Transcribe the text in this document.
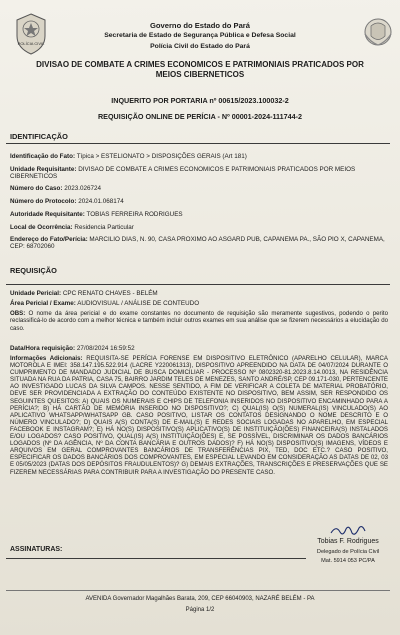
POLÍCIA CIVIL
Governo do Estado do Pará
Secretaria de Estado de Segurança Pública e Defesa Social
Polícia Civil do Estado do Pará
DIVISAO DE COMBATE A CRIMES ECONOMICOS E PATRIMONIAIS PRATICADOS POR MEIOS CIBERNETICOS
INQUERITO POR PORTARIA nº 00615/2023.100032-2
REQUISIÇÃO ONLINE DE PERÍCIA - Nº 00001-2024-111744-2
IDENTIFICAÇÃO
Identificação do Fato: Típica > ESTELIONATO > DISPOSIÇÕES GERAIS (Art 181)
Unidade Requisitante: DIVISAO DE COMBATE A CRIMES ECONOMICOS E PATRIMONIAIS PRATICADOS POR MEIOS CIBERNETICOS
Número do Caso: 2023.026724
Número do Protocolo: 2024.01.068174
Autoridade Requisitante: TOBIAS FERREIRA RODRIGUES
Local de Ocorrência: Residencia Particular
Endereço do Fato/Perícia: MARCILIO DIAS, N. 90, CASA PROXIMO AO ASGARD PUB, CAPANEMA PA., SÃO PIO X, CAPANEMA, CEP: 68702060
REQUISIÇÃO
Unidade Pericial: CPC RENATO CHAVES - BELÉM
Área Pericial / Exame: AUDIOVISUAL / ANÁLISE DE CONTEUDO
OBS: O nome da área pericial e do exame constantes no documento de requisição são meramente sugestivos, podendo o perito reclassificá-lo de acordo com a melhor técnica e também incluir outros exames em sua análise que se fizerem necessários a elucidação do caso.
Data/Hora requisição: 27/08/2024 16:59:52
Informações Adicionais: REQUISITA-SE PERÍCIA FORENSE EM DISPOSITIVO ELETRÔNICO (APARELHO CELULAR), MARCA MOTOROLA E IMEI: 358.147.195.522.914 (LACRE Y220061313), DISPOSITIVO APREENDIDO NA DATA DE 04/07/2024 DURANTE O CUMPRIMENTO DE MANDADO JUDICIAL DE BUSCA DOMICILIAR - PROCESSO Nº 0802320-81.2023.8.14.0013, NA RESIDÊNCIA SITUADA NA RUA DA PATRIA, CASA 75, BAIRRO JARDIM TELES DE MENEZES, SANTO ANDRÉ/SP, CEP 09.171-030, PERTENCENTE AO INVESTIGADO LUCAS DA SILVA CAMPOS. NESSE SENTIDO, A FIM DE VERIFICAR A COLETA DE MATERIAL PROBATÓRIO, DEVE SER PROVIDENCIADA A EXTRAÇÃO DO CONTEÚDO EXISTENTE NO DISPOSITIVO, BEM ASSIM, SER RESPONDIDO OS SEGUINTES QUESITOS: A) QUAIS OS NUMERAIS E CHIPS DE TELEFONIA INSERIDOS NO DISPOSITIVO ENCAMINHADO PARA A PERÍCIA?; B) HÁ CARTÃO DE MEMÓRIA INSERIDO NO DISPOSITIVO?; C) QUAL(IS) O(S) NUMERAL(IS) VINCULADO(S) AO APLICATIVO WHATSAPP/WHATSAPP GB. CASO POSITIVO, LISTAR OS CONTATOS DESIGNANDO O NOME DESCRITO E O NÚMERO VINCULADO?; D) QUAIS A(S) CONTA(S) DE E-MAIL(S) E REDES SOCIAIS LOGADAS NO APARELHO, EM ESPECIAL FACEBOOK E INSTAGRAM?; E) HÁ NO(S) DISPOSITIVO(S) APLICATIVO(S) DE INSTITUIÇÃO(ÕES) FINANCEIRA(S) INSTALADOS E/OU LOGADOS? CASO POSITIVO, QUAL(IS) A(S) INSTITUIÇÃO(ÕES) E, SE POSSÍVEL, DISCRIMINAR OS DADOS BANCÁRIOS LOGADOS (Nº DA AGÊNCIA, Nº DA CONTA BANCÁRIA E OUTROS DADOS)? F) HÁ NO(S) DISPOSITIVO(S) IMAGENS, VÍDEOS E ARQUIVOS EM GERAL COMPROVANTES BANCÁRIOS DE TRANSFERÊNCIAS PIX, TED, DOC ETC.? CASO POSITIVO, ESPECIFICAR OS DADOS BANCÁRIOS DOS COMPROVANTES, EM ESPECIAL LEVANDO EM CONSIDERAÇÃO AS DATAS DE 02, 03 E 05/05/2023 (DATAS DOS DEPÓSITOS FRAUDULENTOS)? G) DEMAIS EXTRAÇÕES, TRANSCRIÇÕES E PRESERVAÇÕES QUE SE FIZEREM NECESSÁRIAS PARA CONTRIBUIR PARA A INVESTIGAÇÃO DO PRESENTE CASO.
ASSINATURAS:
Tobias F. Rodrigues
Delegado de Polícia Civil
Mat. 5914 053 PC/PA
AVENIDA Governador Magalhães Barata, 209, CEP 66040903, NAZARÉ BELÉM - PA
Página 1/2
